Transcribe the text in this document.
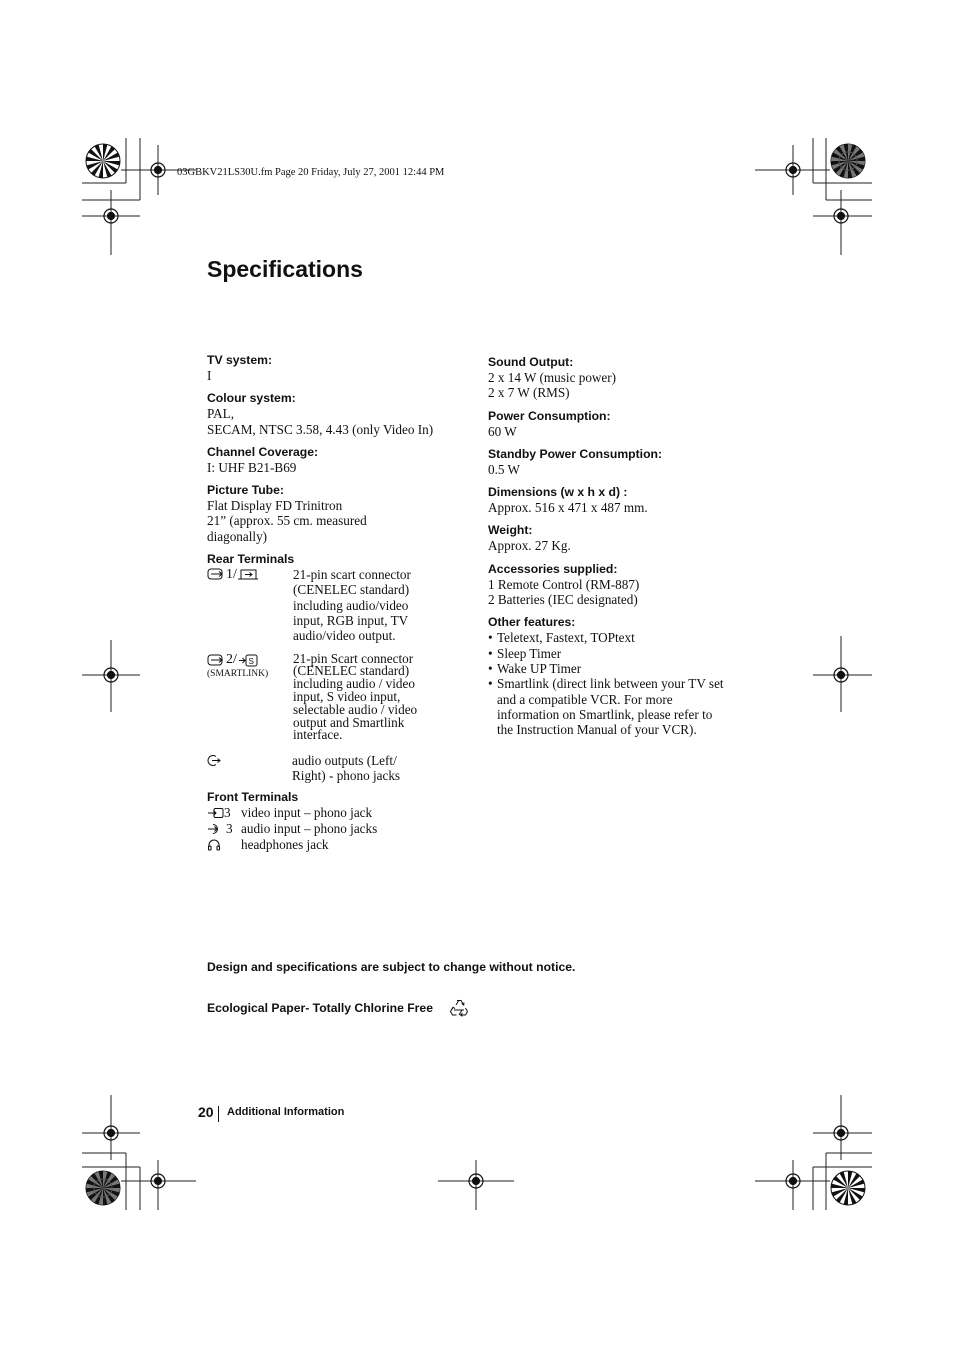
03GBKV21LS30U.fm Page 20 Friday, July 27, 2001 12:44 PM
Specifications
TV system:
I
Colour system:
PAL,
SECAM, NTSC 3.58, 4.43 (only Video In)
Channel Coverage:
I: UHF B21-B69
Picture Tube:
Flat Display FD Trinitron
21” (approx. 55 cm. measured
diagonally)
Rear Terminals
1/	21-pin scart connector
(CENELEC standard)
including audio/video
input, RGB input, TV
audio/video output.
2/ S
(SMARTLINK)
21-pin Scart connector
(CENELEC standard)
including audio / video
input, S video input,
selectable audio / video
output and Smartlink
interface.
audio outputs (Left/
Right) - phono jacks
Front Terminals
3 video input – phono jack
3 audio input – phono jacks
headphones jack
Sound Output:
2 x 14 W (music power)
2 x 7 W (RMS)
Power Consumption:
60 W
Standby Power Consumption:
0.5 W
Dimensions (w x h x d) :
Approx. 516 x 471 x 487 mm.
Weight:
Approx. 27 Kg.
Accessories supplied:
1 Remote Control (RM-887)
2 Batteries (IEC designated)
Other features:
• Teletext, Fastext, TOPtext
• Sleep Timer
• Wake UP Timer
• Smartlink (direct link between your TV set
and a compatible VCR. For more
information on Smartlink, please refer to
the Instruction Manual of your VCR).
Design and specifications are subject to change without notice.
Ecological Paper- Totally Chlorine Free
20 Additional Information
